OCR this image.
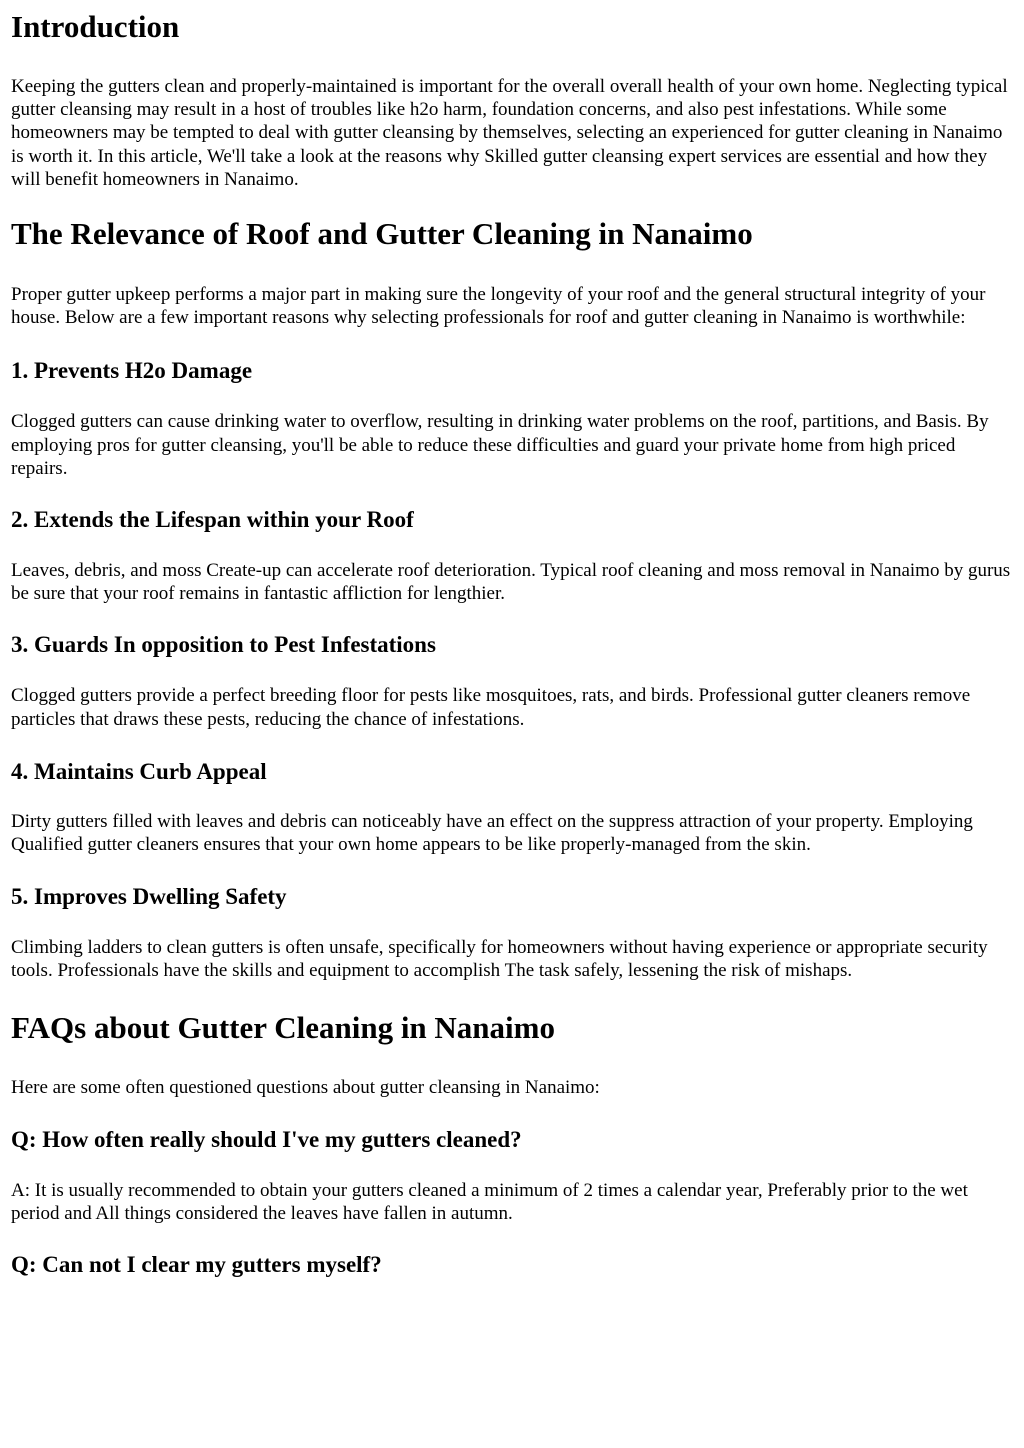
Introduction

Keeping the gutters clean and properly-maintained is important for the overall overall health of your own home. Neglecting typical gutter cleansing may result in a host of troubles like h2o harm, foundation concerns, and also pest infestations. While some homeowners may be tempted to deal with gutter cleansing by themselves, selecting an experienced for gutter cleaning in Nanaimo is worth it. In this article, We'll take a look at the reasons why Skilled gutter cleansing expert services are essential and how they will benefit homeowners in Nanaimo.

The Relevance of Roof and Gutter Cleaning in Nanaimo

Proper gutter upkeep performs a major part in making sure the longevity of your roof and the general structural integrity of your house. Below are a few important reasons why selecting professionals for roof and gutter cleaning in Nanaimo is worthwhile:

1. Prevents H2o Damage

Clogged gutters can cause drinking water to overflow, resulting in drinking water problems on the roof, partitions, and Basis. By employing pros for gutter cleansing, you'll be able to reduce these difficulties and guard your private home from high priced repairs.

2. Extends the Lifespan within your Roof

Leaves, debris, and moss Create-up can accelerate roof deterioration. Typical roof cleaning and moss removal in Nanaimo by gurus be sure that your roof remains in fantastic affliction for lengthier.

3. Guards In opposition to Pest Infestations

Clogged gutters provide a perfect breeding floor for pests like mosquitoes, rats, and birds. Professional gutter cleaners remove particles that draws these pests, reducing the chance of infestations.

4. Maintains Curb Appeal

Dirty gutters filled with leaves and debris can noticeably have an effect on the suppress attraction of your property. Employing Qualified gutter cleaners ensures that your own home appears to be like properly-managed from the skin.

5. Improves Dwelling Safety

Climbing ladders to clean gutters is often unsafe, specifically for homeowners without having experience or appropriate security tools. Professionals have the skills and equipment to accomplish The task safely, lessening the risk of mishaps.

FAQs about Gutter Cleaning in Nanaimo

Here are some often questioned questions about gutter cleansing in Nanaimo:

Q: How often really should I've my gutters cleaned?

A: It is usually recommended to obtain your gutters cleaned a minimum of 2 times a calendar year, Preferably prior to the wet period and All things considered the leaves have fallen in autumn.

Q: Can not I clear my gutters myself?
